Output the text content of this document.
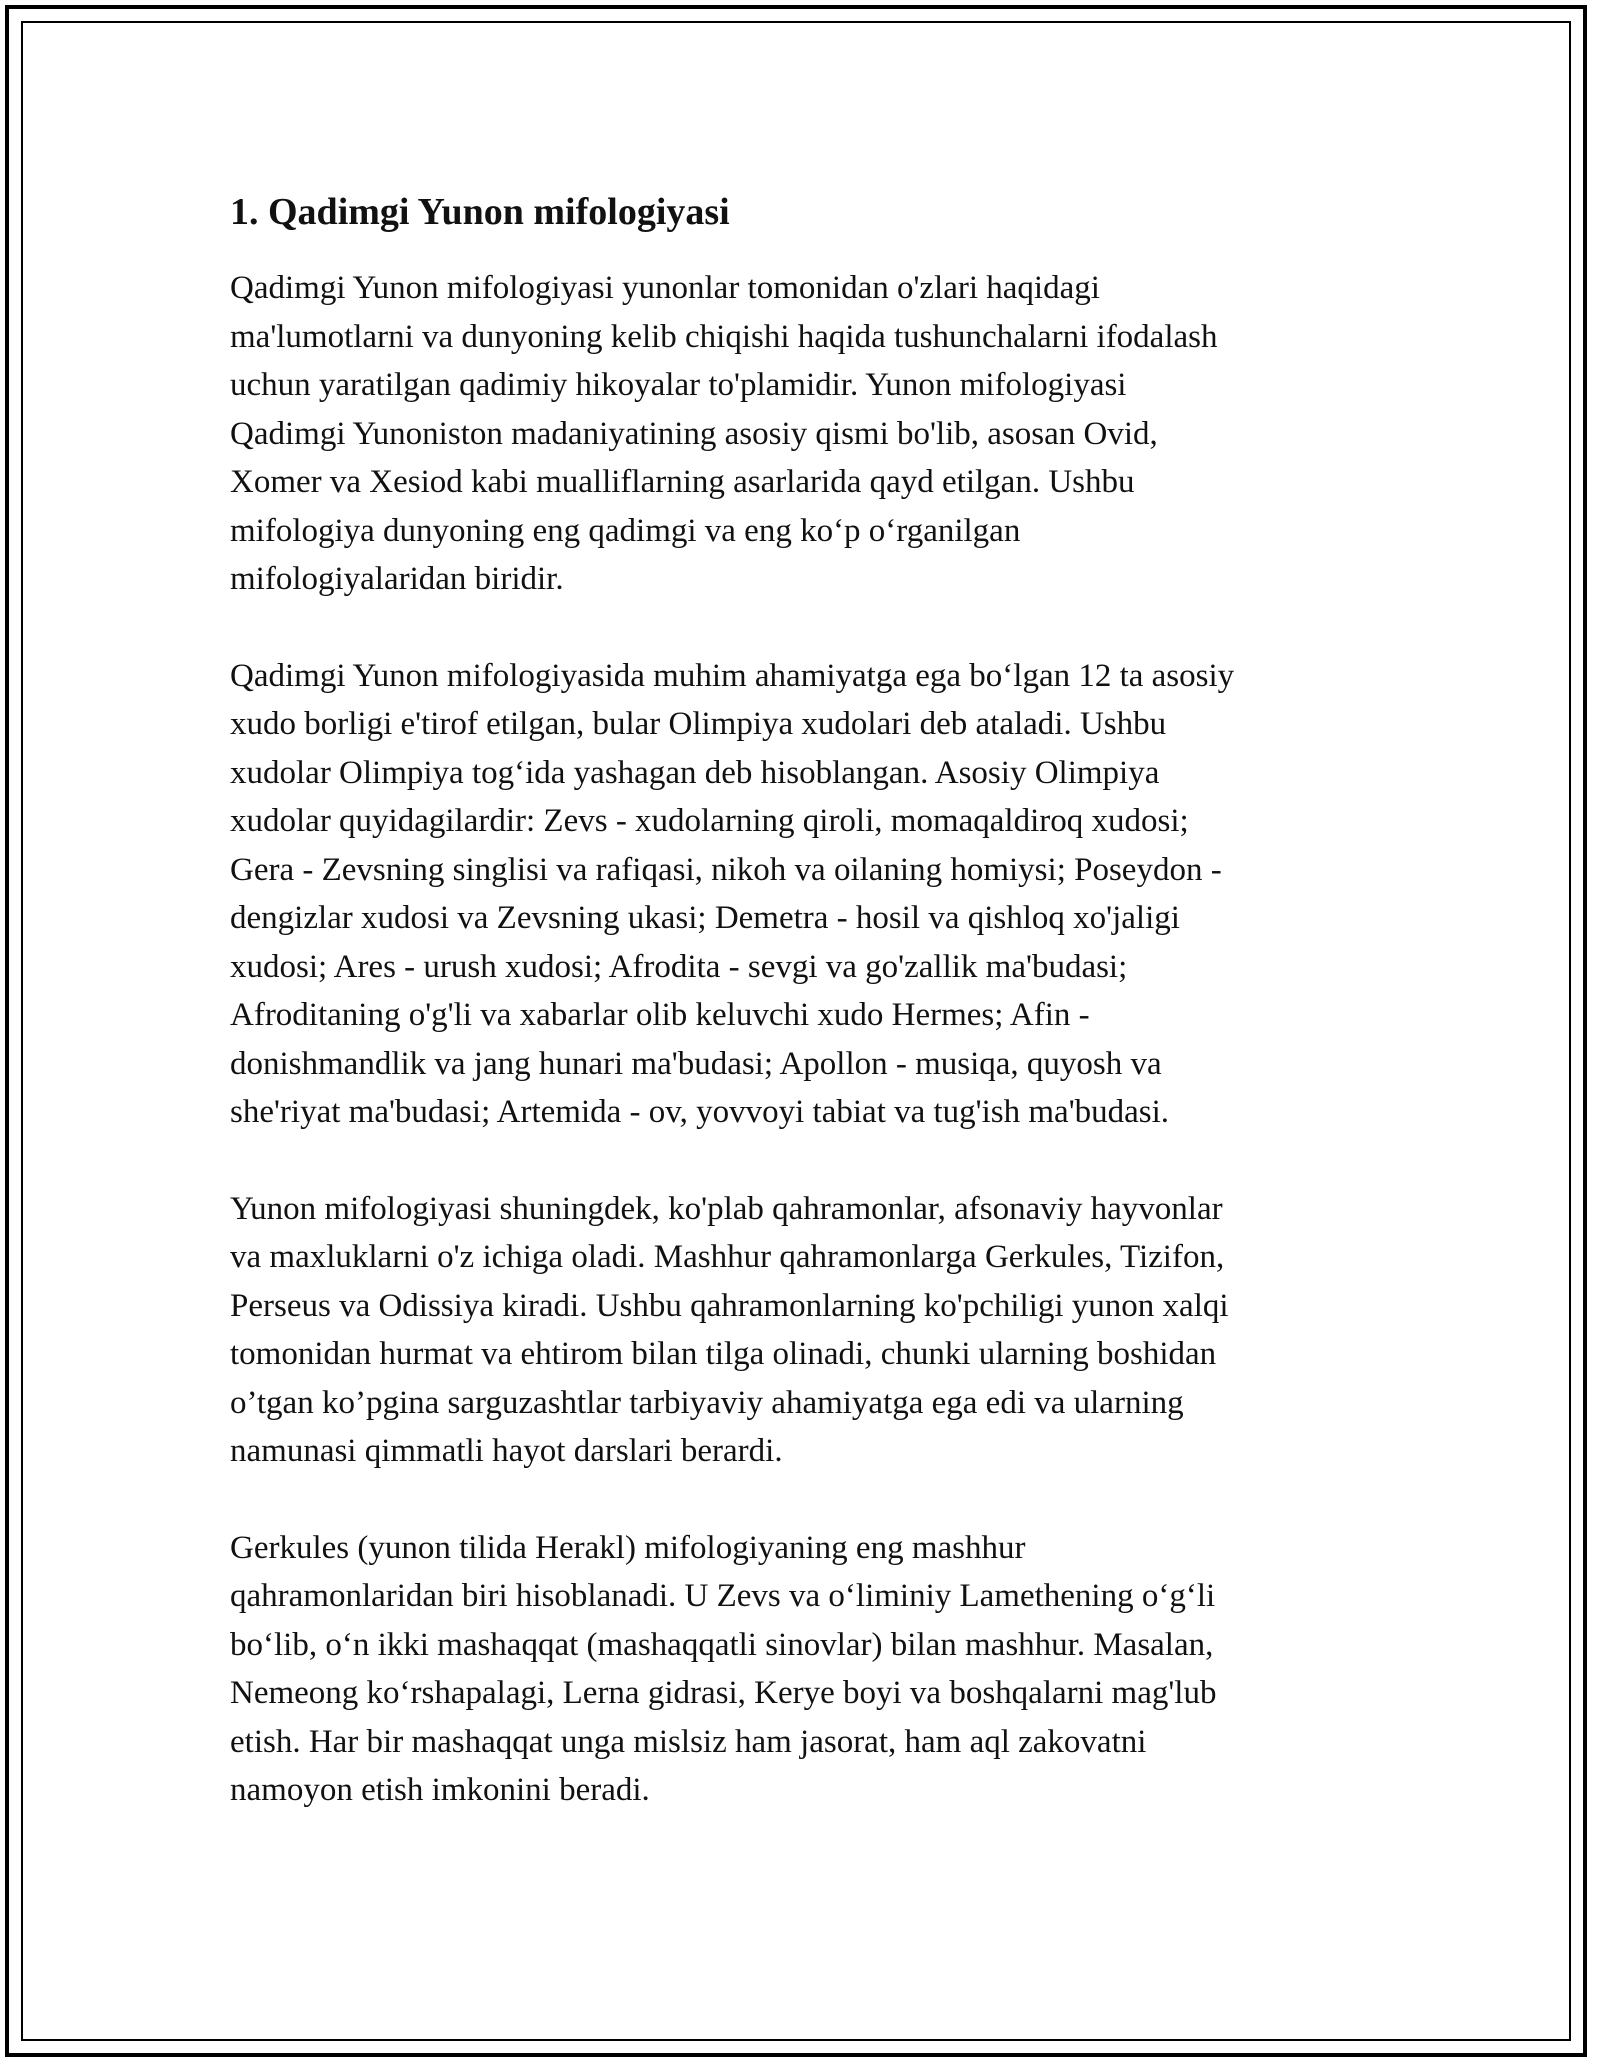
1. Qadimgi Yunon mifologiyasi
Qadimgi Yunon mifologiyasi yunonlar tomonidan o'zlari haqidagi
ma'lumotlarni va dunyoning kelib chiqishi haqida tushunchalarni ifodalash
uchun yaratilgan qadimiy hikoyalar to'plamidir. Yunon mifologiyasi
Qadimgi Yunoniston madaniyatining asosiy qismi bo'lib, asosan Ovid,
Xomer va Xesiod kabi mualliflarning asarlarida qayd etilgan. Ushbu
mifologiya dunyoning eng qadimgi va eng koʻp oʻrganilgan
mifologiyalaridan biridir.
Qadimgi Yunon mifologiyasida muhim ahamiyatga ega boʻlgan 12 ta asosiy
xudo borligi e'tirof etilgan, bular Olimpiya xudolari deb ataladi. Ushbu
xudolar Olimpiya togʻida yashagan deb hisoblangan. Asosiy Olimpiya
xudolar quyidagilardir: Zevs - xudolarning qiroli, momaqaldiroq xudosi;
Gera - Zevsning singlisi va rafiqasi, nikoh va oilaning homiysi; Poseydon -
dengizlar xudosi va Zevsning ukasi; Demetra - hosil va qishloq xo'jaligi
xudosi; Ares - urush xudosi; Afrodita - sevgi va go'zallik ma'budasi;
Afroditaning o'g'li va xabarlar olib keluvchi xudo Hermes; Afin -
donishmandlik va jang hunari ma'budasi; Apollon - musiqa, quyosh va
she'riyat ma'budasi; Artemida - ov, yovvoyi tabiat va tug'ish ma'budasi.
Yunon mifologiyasi shuningdek, ko'plab qahramonlar, afsonaviy hayvonlar
va maxluklarni o'z ichiga oladi. Mashhur qahramonlarga Gerkules, Tizifon,
Perseus va Odissiya kiradi. Ushbu qahramonlarning ko'pchiligi yunon xalqi
tomonidan hurmat va ehtirom bilan tilga olinadi, chunki ularning boshidan
o’tgan ko’pgina sarguzashtlar tarbiyaviy ahamiyatga ega edi va ularning
namunasi qimmatli hayot darslari berardi.
Gerkules (yunon tilida Herakl) mifologiyaning eng mashhur
qahramonlaridan biri hisoblanadi. U Zevs va oʻliminiy Lamethening oʻgʻli
boʻlib, oʻn ikki mashaqqat (mashaqqatli sinovlar) bilan mashhur. Masalan,
Nemeong koʻrshapalagi, Lerna gidrasi, Kerye boyi va boshqalarni mag'lub
etish. Har bir mashaqqat unga mislsiz ham jasorat, ham aql zakovatni
namoyon etish imkonini beradi.
